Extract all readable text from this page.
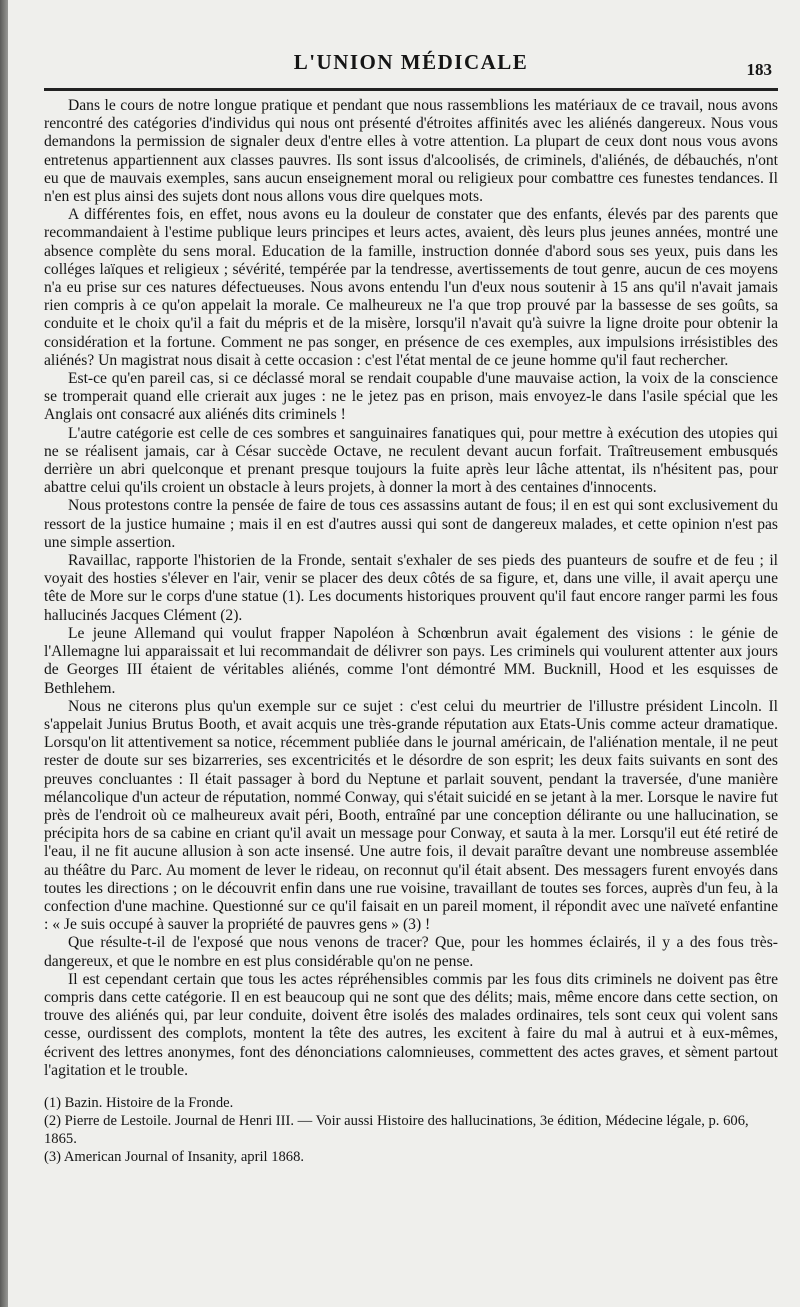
L'UNION MÉDICALE	183

Dans le cours de notre longue pratique et pendant que nous rassemblions les matériaux de ce travail, nous avons rencontré des catégories d'individus qui nous ont présenté d'étroites affinités avec les aliénés dangereux. Nous vous demandons la permission de signaler deux d'entre elles à votre attention. La plupart de ceux dont nous vous avons entretenus appartiennent aux classes pauvres. Ils sont issus d'alcoolisés, de criminels, d'aliénés, de débauchés, n'ont eu que de mauvais exemples, sans aucun enseignement moral ou religieux pour combattre ces funestes tendances. Il n'en est plus ainsi des sujets dont nous allons vous dire quelques mots.

A différentes fois, en effet, nous avons eu la douleur de constater que des enfants, élevés par des parents que recommandaient à l'estime publique leurs principes et leurs actes, avaient, dès leurs plus jeunes années, montré une absence complète du sens moral. Education de la famille, instruction donnée d'abord sous ses yeux, puis dans les colléges laïques et religieux ; sévérité, tempérée par la tendresse, avertissements de tout genre, aucun de ces moyens n'a eu prise sur ces natures défectueuses. Nous avons entendu l'un d'eux nous soutenir à 15 ans qu'il n'avait jamais rien compris à ce qu'on appelait la morale. Ce malheureux ne l'a que trop prouvé par la bassesse de ses goûts, sa conduite et le choix qu'il a fait du mépris et de la misère, lorsqu'il n'avait qu'à suivre la ligne droite pour obtenir la considération et la fortune. Comment ne pas songer, en présence de ces exemples, aux impulsions irrésistibles des aliénés? Un magistrat nous disait à cette occasion : c'est l'état mental de ce jeune homme qu'il faut rechercher.

Est-ce qu'en pareil cas, si ce déclassé moral se rendait coupable d'une mauvaise action, la voix de la conscience se tromperait quand elle crierait aux juges : ne le jetez pas en prison, mais envoyez-le dans l'asile spécial que les Anglais ont consacré aux aliénés dits criminels !

L'autre catégorie est celle de ces sombres et sanguinaires fanatiques qui, pour mettre à exécution des utopies qui ne se réalisent jamais, car à César succède Octave, ne reculent devant aucun forfait. Traîtreusement embusqués derrière un abri quelconque et prenant presque toujours la fuite après leur lâche attentat, ils n'hésitent pas, pour abattre celui qu'ils croient un obstacle à leurs projets, à donner la mort à des centaines d'innocents.

Nous protestons contre la pensée de faire de tous ces assassins autant de fous; il en est qui sont exclusivement du ressort de la justice humaine ; mais il en est d'autres aussi qui sont de dangereux malades, et cette opinion n'est pas une simple assertion.

Ravaillac, rapporte l'historien de la Fronde, sentait s'exhaler de ses pieds des puanteurs de soufre et de feu ; il voyait des hosties s'élever en l'air, venir se placer des deux côtés de sa figure, et, dans une ville, il avait aperçu une tête de More sur le corps d'une statue (1). Les documents historiques prouvent qu'il faut encore ranger parmi les fous hallucinés Jacques Clément (2).

Le jeune Allemand qui voulut frapper Napoléon à Schœnbrun avait également des visions : le génie de l'Allemagne lui apparaissait et lui recommandait de délivrer son pays. Les criminels qui voulurent attenter aux jours de Georges III étaient de véritables aliénés, comme l'ont démontré MM. Bucknill, Hood et les esquisses de Bethlehem.

Nous ne citerons plus qu'un exemple sur ce sujet : c'est celui du meurtrier de l'illustre président Lincoln. Il s'appelait Junius Brutus Booth, et avait acquis une très-grande réputation aux Etats-Unis comme acteur dramatique. Lorsqu'on lit attentivement sa notice, récemment publiée dans le journal américain, de l'aliénation mentale, il ne peut rester de doute sur ses bizarreries, ses excentricités et le désordre de son esprit; les deux faits suivants en sont des preuves concluantes : Il était passager à bord du Neptune et parlait souvent, pendant la traversée, d'une manière mélancolique d'un acteur de réputation, nommé Conway, qui s'était suicidé en se jetant à la mer. Lorsque le navire fut près de l'endroit où ce malheureux avait péri, Booth, entraîné par une conception délirante ou une hallucination, se précipita hors de sa cabine en criant qu'il avait un message pour Conway, et sauta à la mer. Lorsqu'il eut été retiré de l'eau, il ne fit aucune allusion à son acte insensé. Une autre fois, il devait paraître devant une nombreuse assemblée au théâtre du Parc. Au moment de lever le rideau, on reconnut qu'il était absent. Des messagers furent envoyés dans toutes les directions ; on le découvrit enfin dans une rue voisine, travaillant de toutes ses forces, auprès d'un feu, à la confection d'une machine. Questionné sur ce qu'il faisait en un pareil moment, il répondit avec une naïveté enfantine : « Je suis occupé à sauver la propriété de pauvres gens » (3) !

Que résulte-t-il de l'exposé que nous venons de tracer? Que, pour les hommes éclairés, il y a des fous très-dangereux, et que le nombre en est plus considérable qu'on ne pense.

Il est cependant certain que tous les actes répréhensibles commis par les fous dits criminels ne doivent pas être compris dans cette catégorie. Il en est beaucoup qui ne sont que des délits; mais, même encore dans cette section, on trouve des aliénés qui, par leur conduite, doivent être isolés des malades ordinaires, tels sont ceux qui volent sans cesse, ourdissent des complots, montent la tête des autres, les excitent à faire du mal à autrui et à eux-mêmes, écrivent des lettres anonymes, font des dénonciations calomnieuses, commettent des actes graves, et sèment partout l'agitation et le trouble.

(1) Bazin. Histoire de la Fronde.

(2) Pierre de Lestoile. Journal de Henri III. — Voir aussi Histoire des hallucinations, 3e édition, Médecine légale, p. 606, 1865.

(3) American Journal of Insanity, april 1868.
